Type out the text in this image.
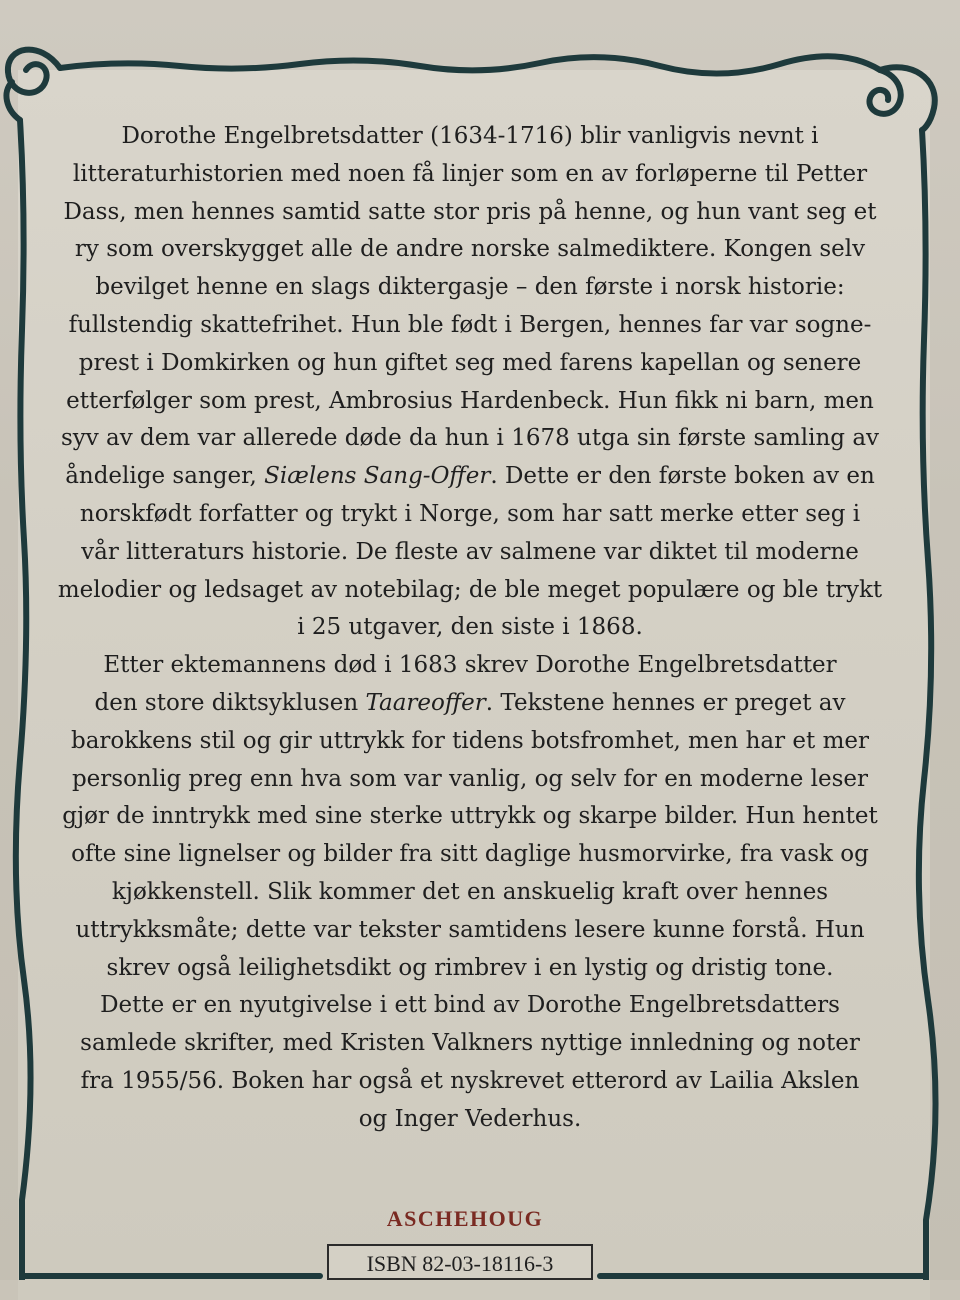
Dorothe Engelbretsdatter (1634-1716) blir vanligvis nevnt i
litteraturhistorien med noen få linjer som en av forløperne til Petter
Dass, men hennes samtid satte stor pris på henne, og hun vant seg et
ry som overskygget alle de andre norske salmediktere. Kongen selv
bevilget henne en slags diktergasje – den første i norsk historie:
fullstendig skattefrihet. Hun ble født i Bergen, hennes far var sogne-
prest i Domkirken og hun giftet seg med farens kapellan og senere
etterfølger som prest, Ambrosius Hardenbeck. Hun fikk ni barn, men
syv av dem var allerede døde da hun i 1678 utga sin første samling av
åndelige sanger, Siælens Sang-Offer. Dette er den første boken av en
norskfødt forfatter og trykt i Norge, som har satt merke etter seg i
vår litteraturs historie. De fleste av salmene var diktet til moderne
melodier og ledsaget av notebilag; de ble meget populære og ble trykt
i 25 utgaver, den siste i 1868.
Etter ektemannens død i 1683 skrev Dorothe Engelbretsdatter
den store diktsyklusen Taareoffer. Tekstene hennes er preget av
barokkens stil og gir uttrykk for tidens botsfromhet, men har et mer
personlig preg enn hva som var vanlig, og selv for en moderne leser
gjør de inntrykk med sine sterke uttrykk og skarpe bilder. Hun hentet
ofte sine lignelser og bilder fra sitt daglige husmorvirke, fra vask og
kjøkkenstell. Slik kommer det en anskuelig kraft over hennes
uttrykksmåte; dette var tekster samtidens lesere kunne forstå. Hun
skrev også leilighetsdikt og rimbrev i en lystig og dristig tone.
Dette er en nyutgivelse i ett bind av Dorothe Engelbretsdatters
samlede skrifter, med Kristen Valkners nyttige innledning og noter
fra 1955/56. Boken har også et nyskrevet etterord av Lailia Akslen
og Inger Vederhus.
ASCHEHOUG
ISBN 82-03-18116-3
